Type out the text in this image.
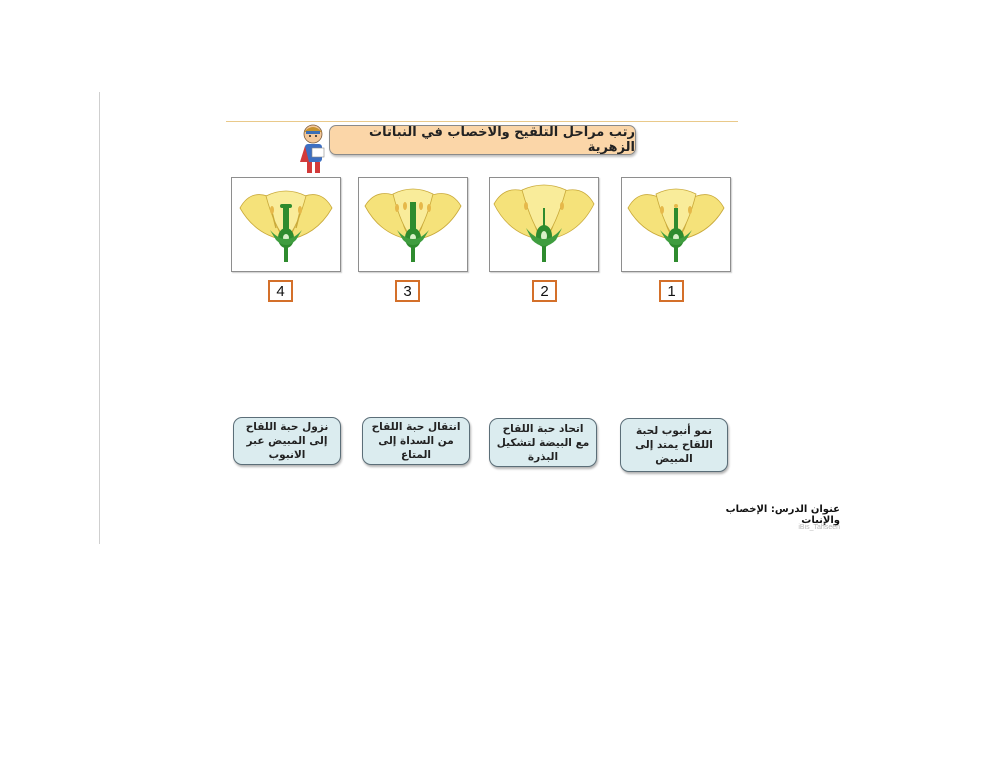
رتب مراحل التلقيح والاخصاب في النباتات الزهرية
4	3	2	1
نزول حبة اللقاح إلى المبيض عبر الانبوب
انتقال حبة اللقاح من السداة إلى المتاع
اتحاد حبة اللقاح مع البيضة لتشكيل البذرة
نمو أنبوب لحبة اللقاح يمتد إلى المبيض
عنوان الدرس: الإخصاب والإنبات
iBis_Tahseen
